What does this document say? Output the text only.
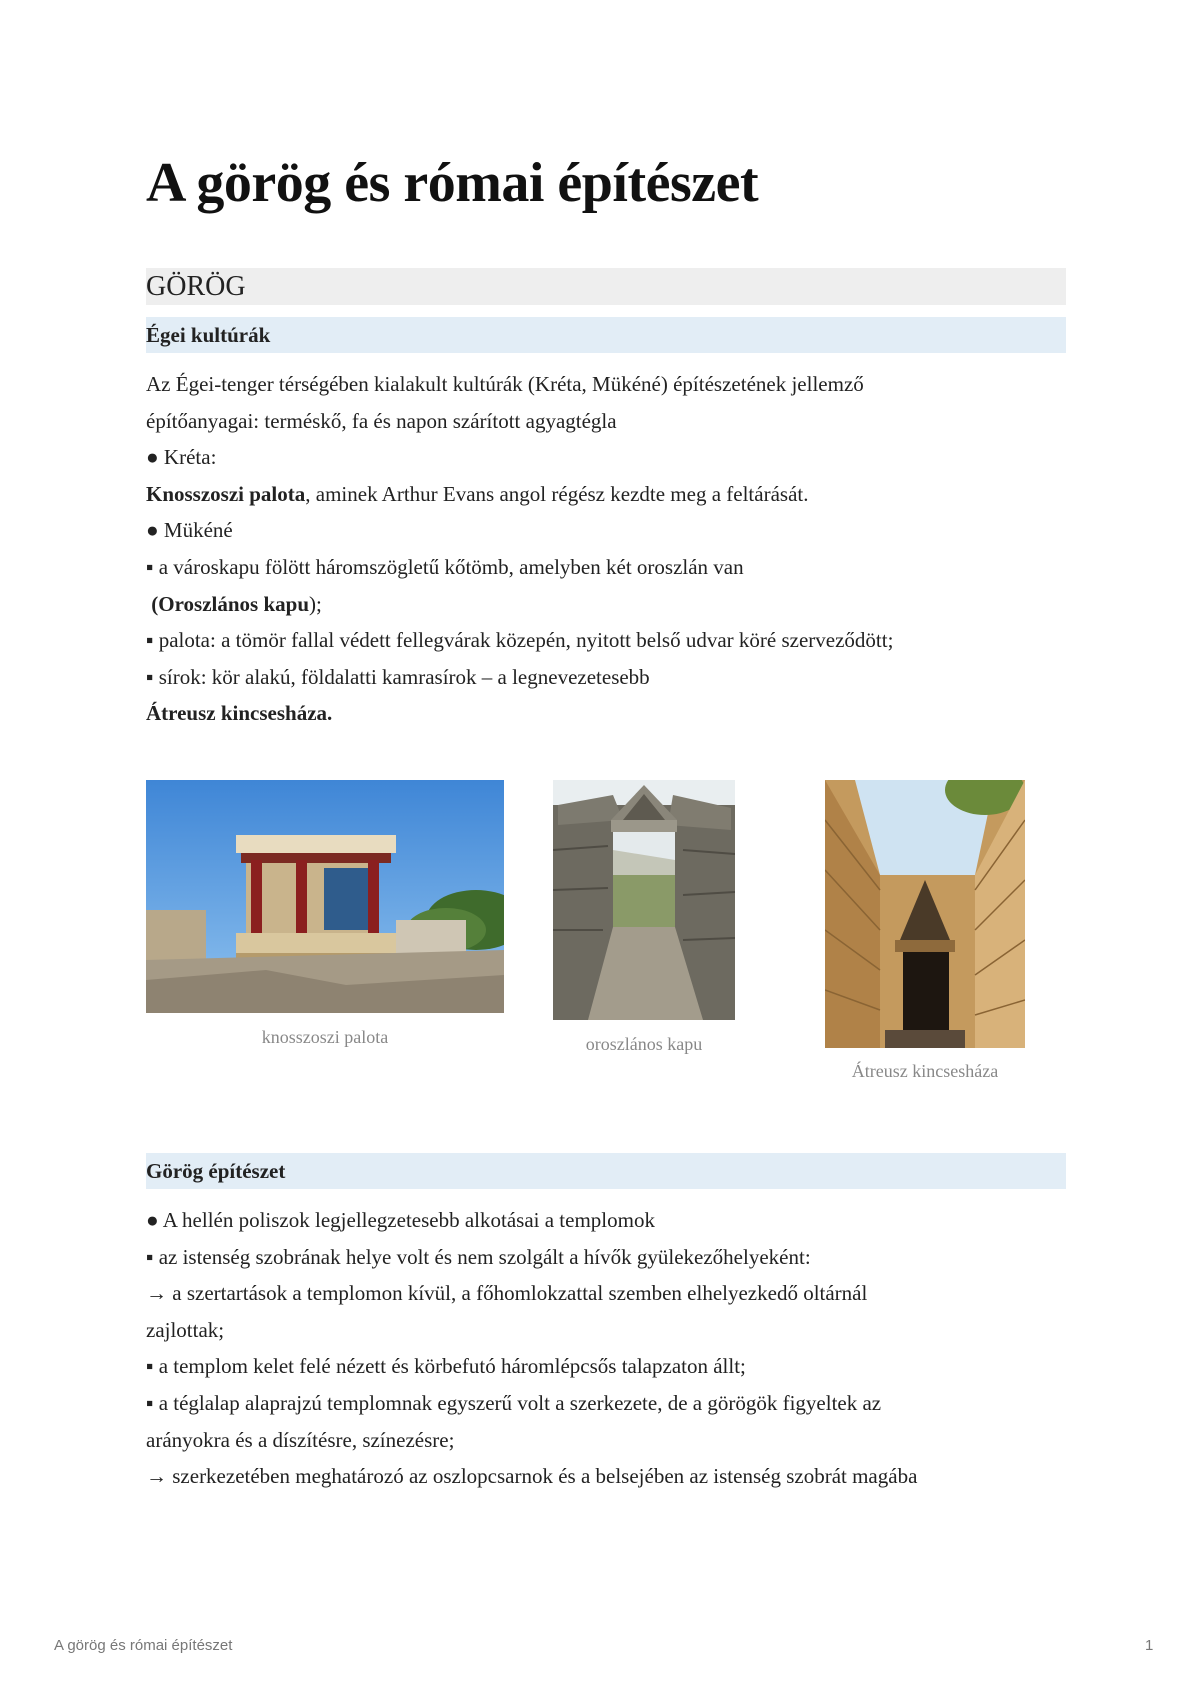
A görög és római építészet
GÖRÖG
Égei kultúrák
Az Égei-tenger térségében kialakult kultúrák (Kréta, Mükéné) építészetének jellemző
építőanyagai: terméskő, fa és napon szárított agyagtégla
● Kréta:
Knosszoszi palota, aminek Arthur Evans angol régész kezdte meg a feltárását.
● Mükéné
▪ a városkapu fölött háromszögletű kőtömb, amelyben két oroszlán van
(Oroszlános kapu);
▪ palota: a tömör fallal védett fellegvárak közepén, nyitott belső udvar köré szerveződött;
▪ sírok: kör alakú, földalatti kamrasírok – a legnevezetesebb
Átreusz kincsesháza.
knosszoszi palota	oroszlános kapu
Átreusz kincsesháza
Görög építészet
● A hellén poliszok legjellegzetesebb alkotásai a templomok
▪ az istenség szobrának helye volt és nem szolgált a hívők gyülekezőhelyeként:
→ a szertartások a templomon kívül, a főhomlokzattal szemben elhelyezkedő oltárnál
zajlottak;
▪ a templom kelet felé nézett és körbefutó háromlépcsős talapzaton állt;
▪ a téglalap alaprajzú templomnak egyszerű volt a szerkezete, de a görögök figyeltek az
arányokra és a díszítésre, színezésre;
→ szerkezetében meghatározó az oszlopcsarnok és a belsejében az istenség szobrát magába
A görög és római építészet	1
